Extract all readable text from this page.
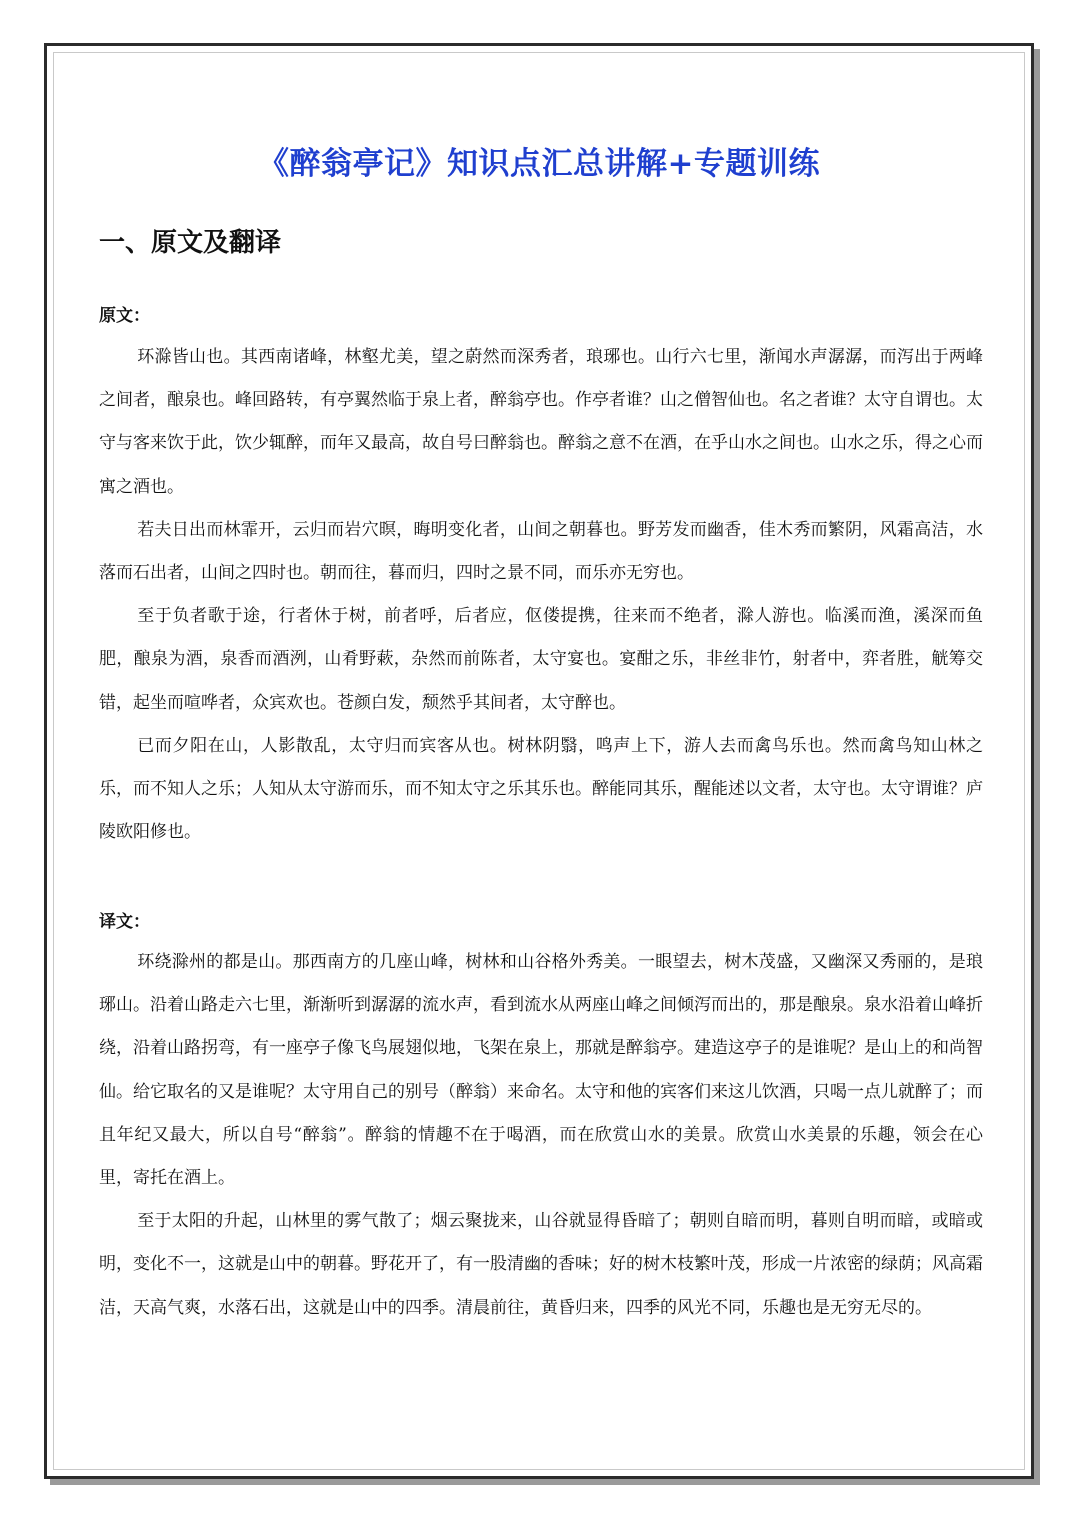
《醉翁亭记》知识点汇总讲解+专题训练
一、原文及翻译
原文：

环滁皆山也。其西南诸峰，林壑尤美，望之蔚然而深秀者，琅琊也。山行六七里，渐闻水声潺潺，而泻出于两峰之间者，酿泉也。峰回路转，有亭翼然临于泉上者，醉翁亭也。作亭者谁？山之僧智仙也。名之者谁？太守自谓也。太守与客来饮于此，饮少辄醉，而年又最高，故自号曰醉翁也。醉翁之意不在酒，在乎山水之间也。山水之乐，得之心而寓之酒也。

若夫日出而林霏开，云归而岩穴暝，晦明变化者，山间之朝暮也。野芳发而幽香，佳木秀而繁阴，风霜高洁，水落而石出者，山间之四时也。朝而往，暮而归，四时之景不同，而乐亦无穷也。

至于负者歌于途，行者休于树，前者呼，后者应，伛偻提携，往来而不绝者，滁人游也。临溪而渔，溪深而鱼肥，酿泉为酒，泉香而酒洌，山肴野蔌，杂然而前陈者，太守宴也。宴酣之乐，非丝非竹，射者中，弈者胜，觥筹交错，起坐而喧哗者，众宾欢也。苍颜白发，颓然乎其间者，太守醉也。

已而夕阳在山，人影散乱，太守归而宾客从也。树林阴翳，鸣声上下，游人去而禽鸟乐也。然而禽鸟知山林之乐，而不知人之乐；人知从太守游而乐，而不知太守之乐其乐也。醉能同其乐，醒能述以文者，太守也。太守谓谁？庐陵欧阳修也。

译文：

环绕滁州的都是山。那西南方的几座山峰，树林和山谷格外秀美。一眼望去，树木茂盛，又幽深又秀丽的，是琅琊山。沿着山路走六七里，渐渐听到潺潺的流水声，看到流水从两座山峰之间倾泻而出的，那是酿泉。泉水沿着山峰折绕，沿着山路拐弯，有一座亭子像飞鸟展翅似地，飞架在泉上，那就是醉翁亭。建造这亭子的是谁呢？是山上的和尚智仙。给它取名的又是谁呢？太守用自己的别号（醉翁）来命名。太守和他的宾客们来这儿饮酒，只喝一点儿就醉了；而且年纪又最大，所以自号“醉翁”。醉翁的情趣不在于喝酒，而在欣赏山水的美景。欣赏山水美景的乐趣，领会在心里，寄托在酒上。

至于太阳的升起，山林里的雾气散了；烟云聚拢来，山谷就显得昏暗了；朝则自暗而明，暮则自明而暗，或暗或明，变化不一，这就是山中的朝暮。野花开了，有一股清幽的香味；好的树木枝繁叶茂，形成一片浓密的绿荫；风高霜洁，天高气爽，水落石出，这就是山中的四季。清晨前往，黄昏归来，四季的风光不同，乐趣也是无穷无尽的。
